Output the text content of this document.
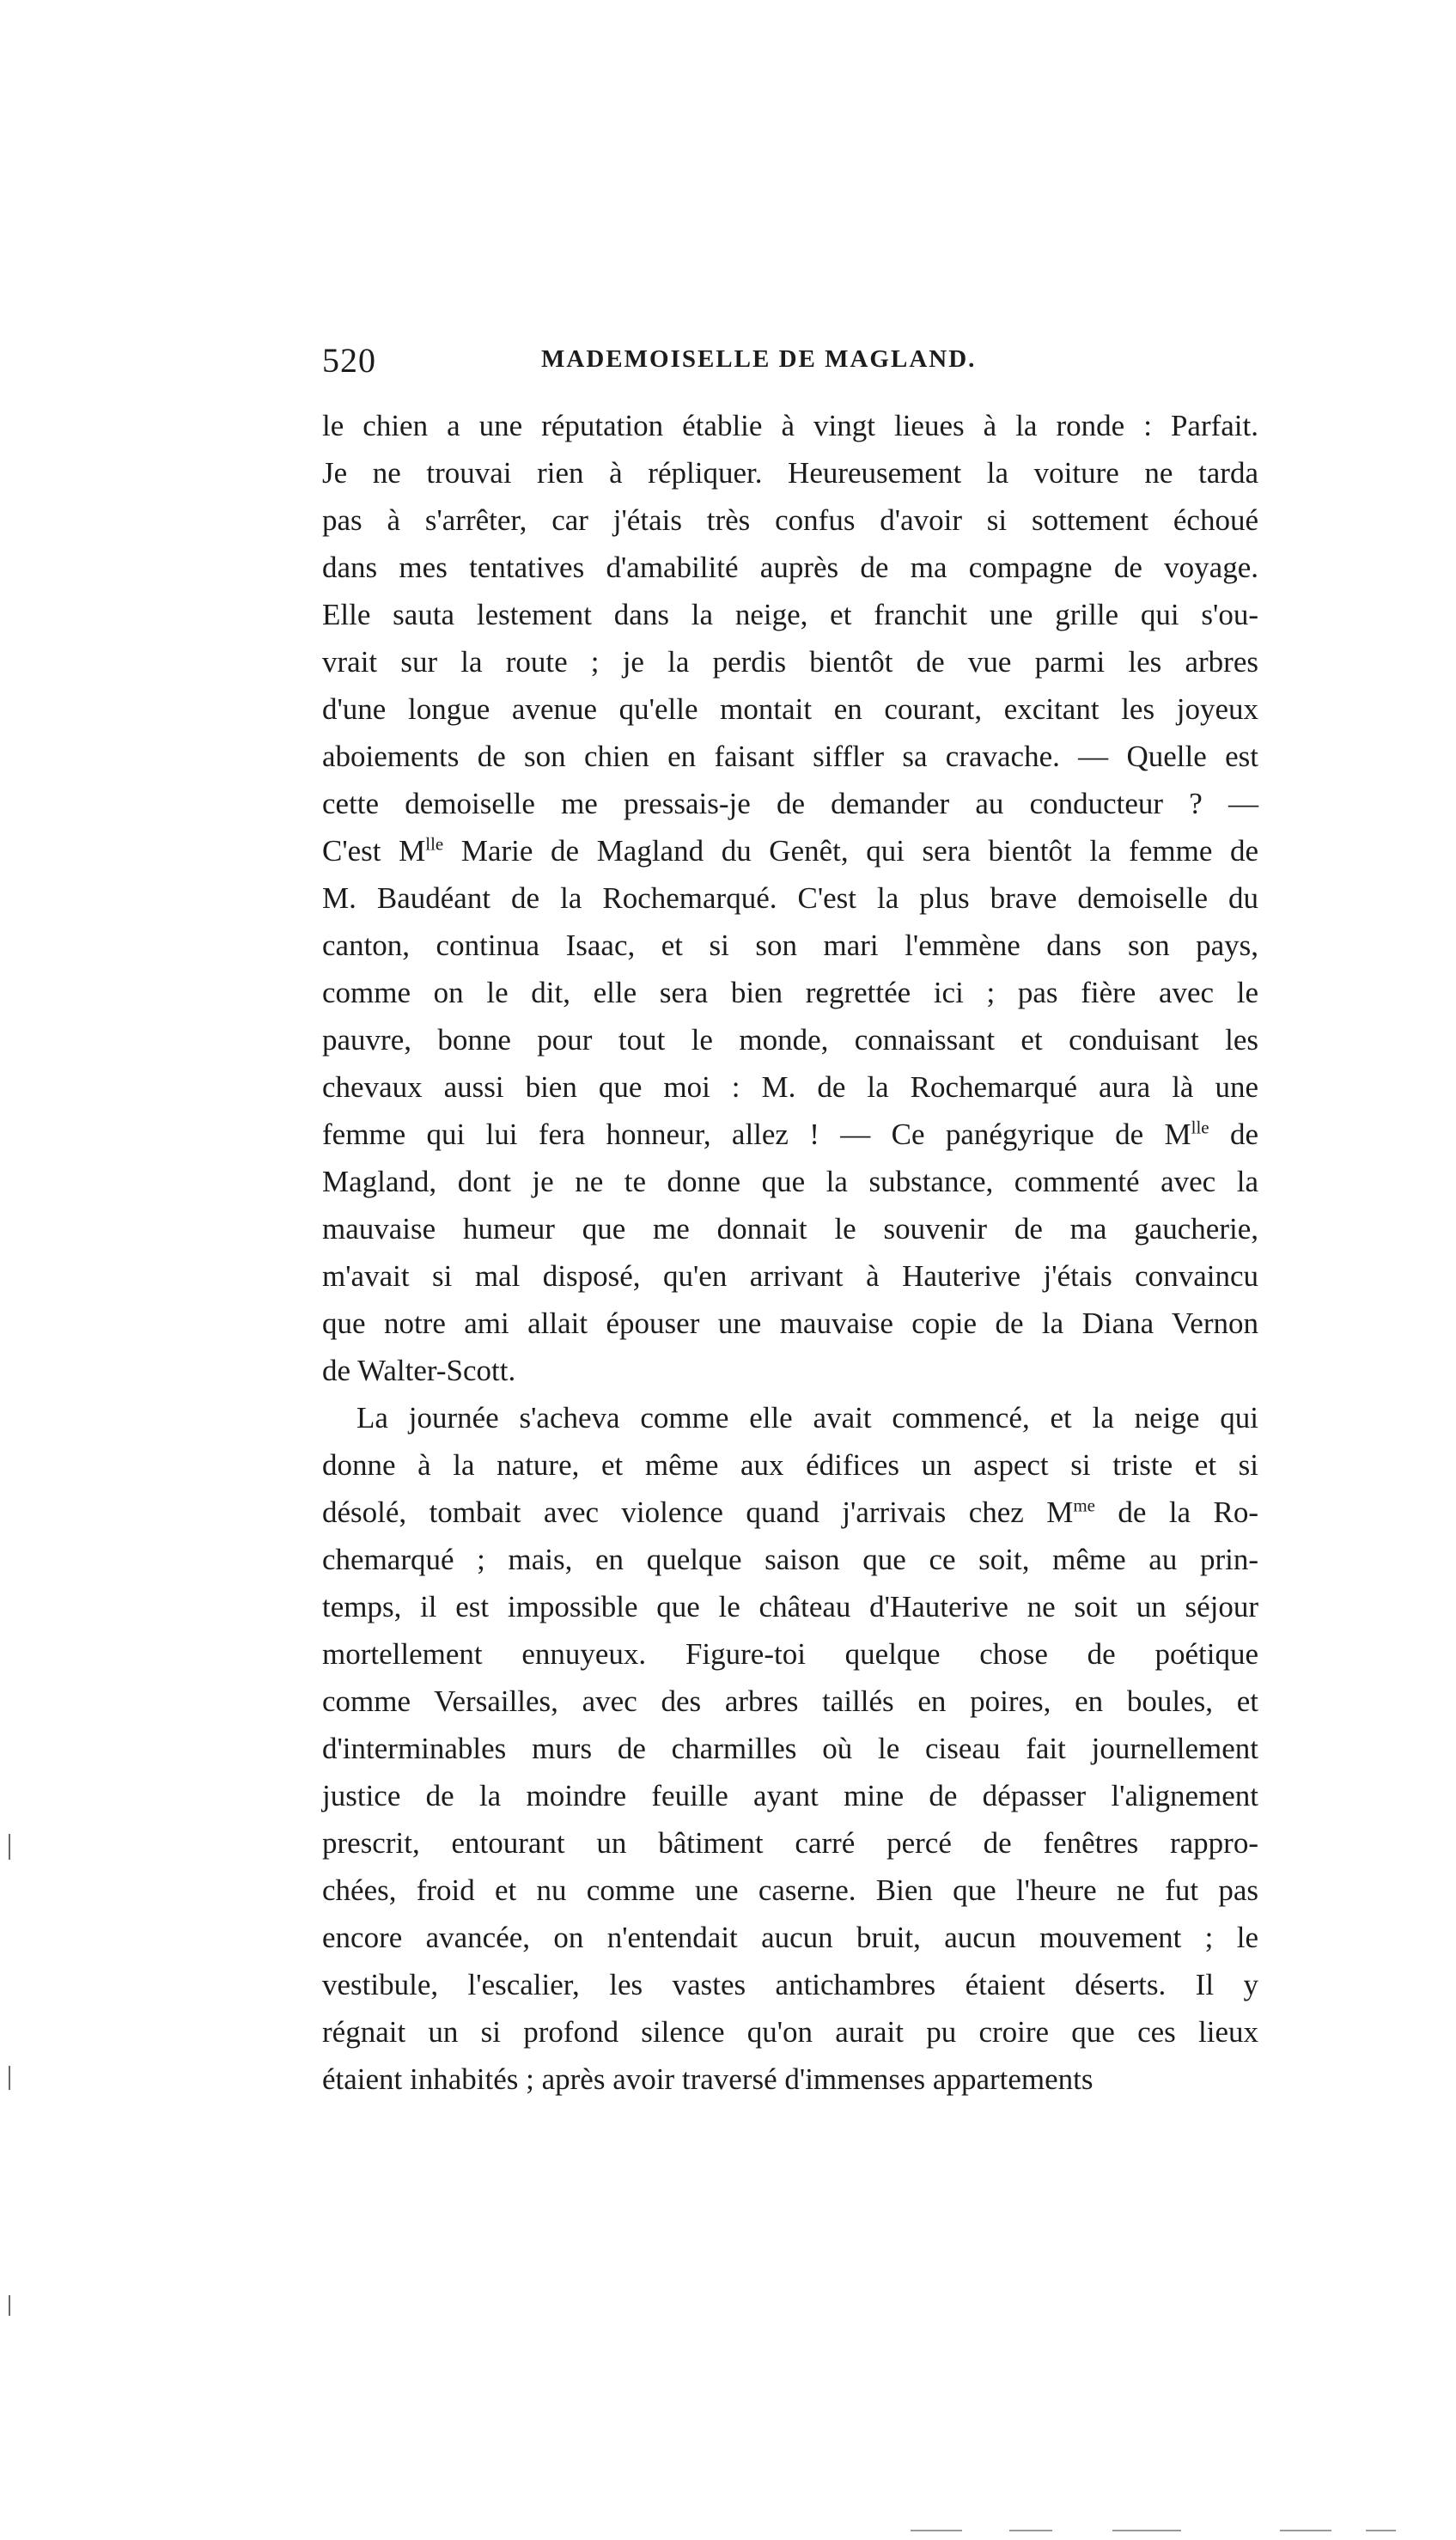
520	MADEMOISELLE DE MAGLAND.
le chien a une réputation établie à vingt lieues à la ronde : Parfait.
Je ne trouvai rien à répliquer. Heureusement la voiture ne tarda
pas à s'arrêter, car j'étais très confus d'avoir si sottement échoué
dans mes tentatives d'amabilité auprès de ma compagne de voyage.
Elle sauta lestement dans la neige, et franchit une grille qui s'ou-
vrait sur la route ; je la perdis bientôt de vue parmi les arbres
d'une longue avenue qu'elle montait en courant, excitant les joyeux
aboiements de son chien en faisant siffler sa cravache. — Quelle est
cette demoiselle me pressais-je de demander au conducteur ? —
C'est $M^{lle}$ Marie de Magland du Genêt, qui sera bientôt la femme de
M. Baudéant de la Rochemarqué. C'est la plus brave demoiselle du
canton, continua Isaac, et si son mari l'emmène dans son pays,
comme on le dit, elle sera bien regrettée ici ; pas fière avec le
pauvre, bonne pour tout le monde, connaissant et conduisant les
chevaux aussi bien que moi : M. de la Rochemarqué aura là une
femme qui lui fera honneur, allez ! — Ce panégyrique de $M^{lle}$ de
Magland, dont je ne te donne que la substance, commenté avec la
mauvaise humeur que me donnait le souvenir de ma gaucherie,
m'avait si mal disposé, qu'en arrivant à Hauterive j'étais convaincu
que notre ami allait épouser une mauvaise copie de la Diana Vernon
de Walter-Scott.
La journée s'acheva comme elle avait commencé, et la neige qui
donne à la nature, et même aux édifices un aspect si triste et si
désolé, tombait avec violence quand j'arrivais chez $M^{me}$ de la Ro-
chemarqué ; mais, en quelque saison que ce soit, même au prin-
temps, il est impossible que le château d'Hauterive ne soit un séjour
mortellement ennuyeux. Figure-toi quelque chose de poétique
comme Versailles, avec des arbres taillés en poires, en boules, et
d'interminables murs de charmilles où le ciseau fait journellement
justice de la moindre feuille ayant mine de dépasser l'alignement
prescrit, entourant un bâtiment carré percé de fenêtres rappro-
chées, froid et nu comme une caserne. Bien que l'heure ne fut pas
encore avancée, on n'entendait aucun bruit, aucun mouvement ; le
vestibule, l'escalier, les vastes antichambres étaient déserts. Il y
régnait un si profond silence qu'on aurait pu croire que ces lieux
étaient inhabités ; après avoir traversé d'immenses appartements
